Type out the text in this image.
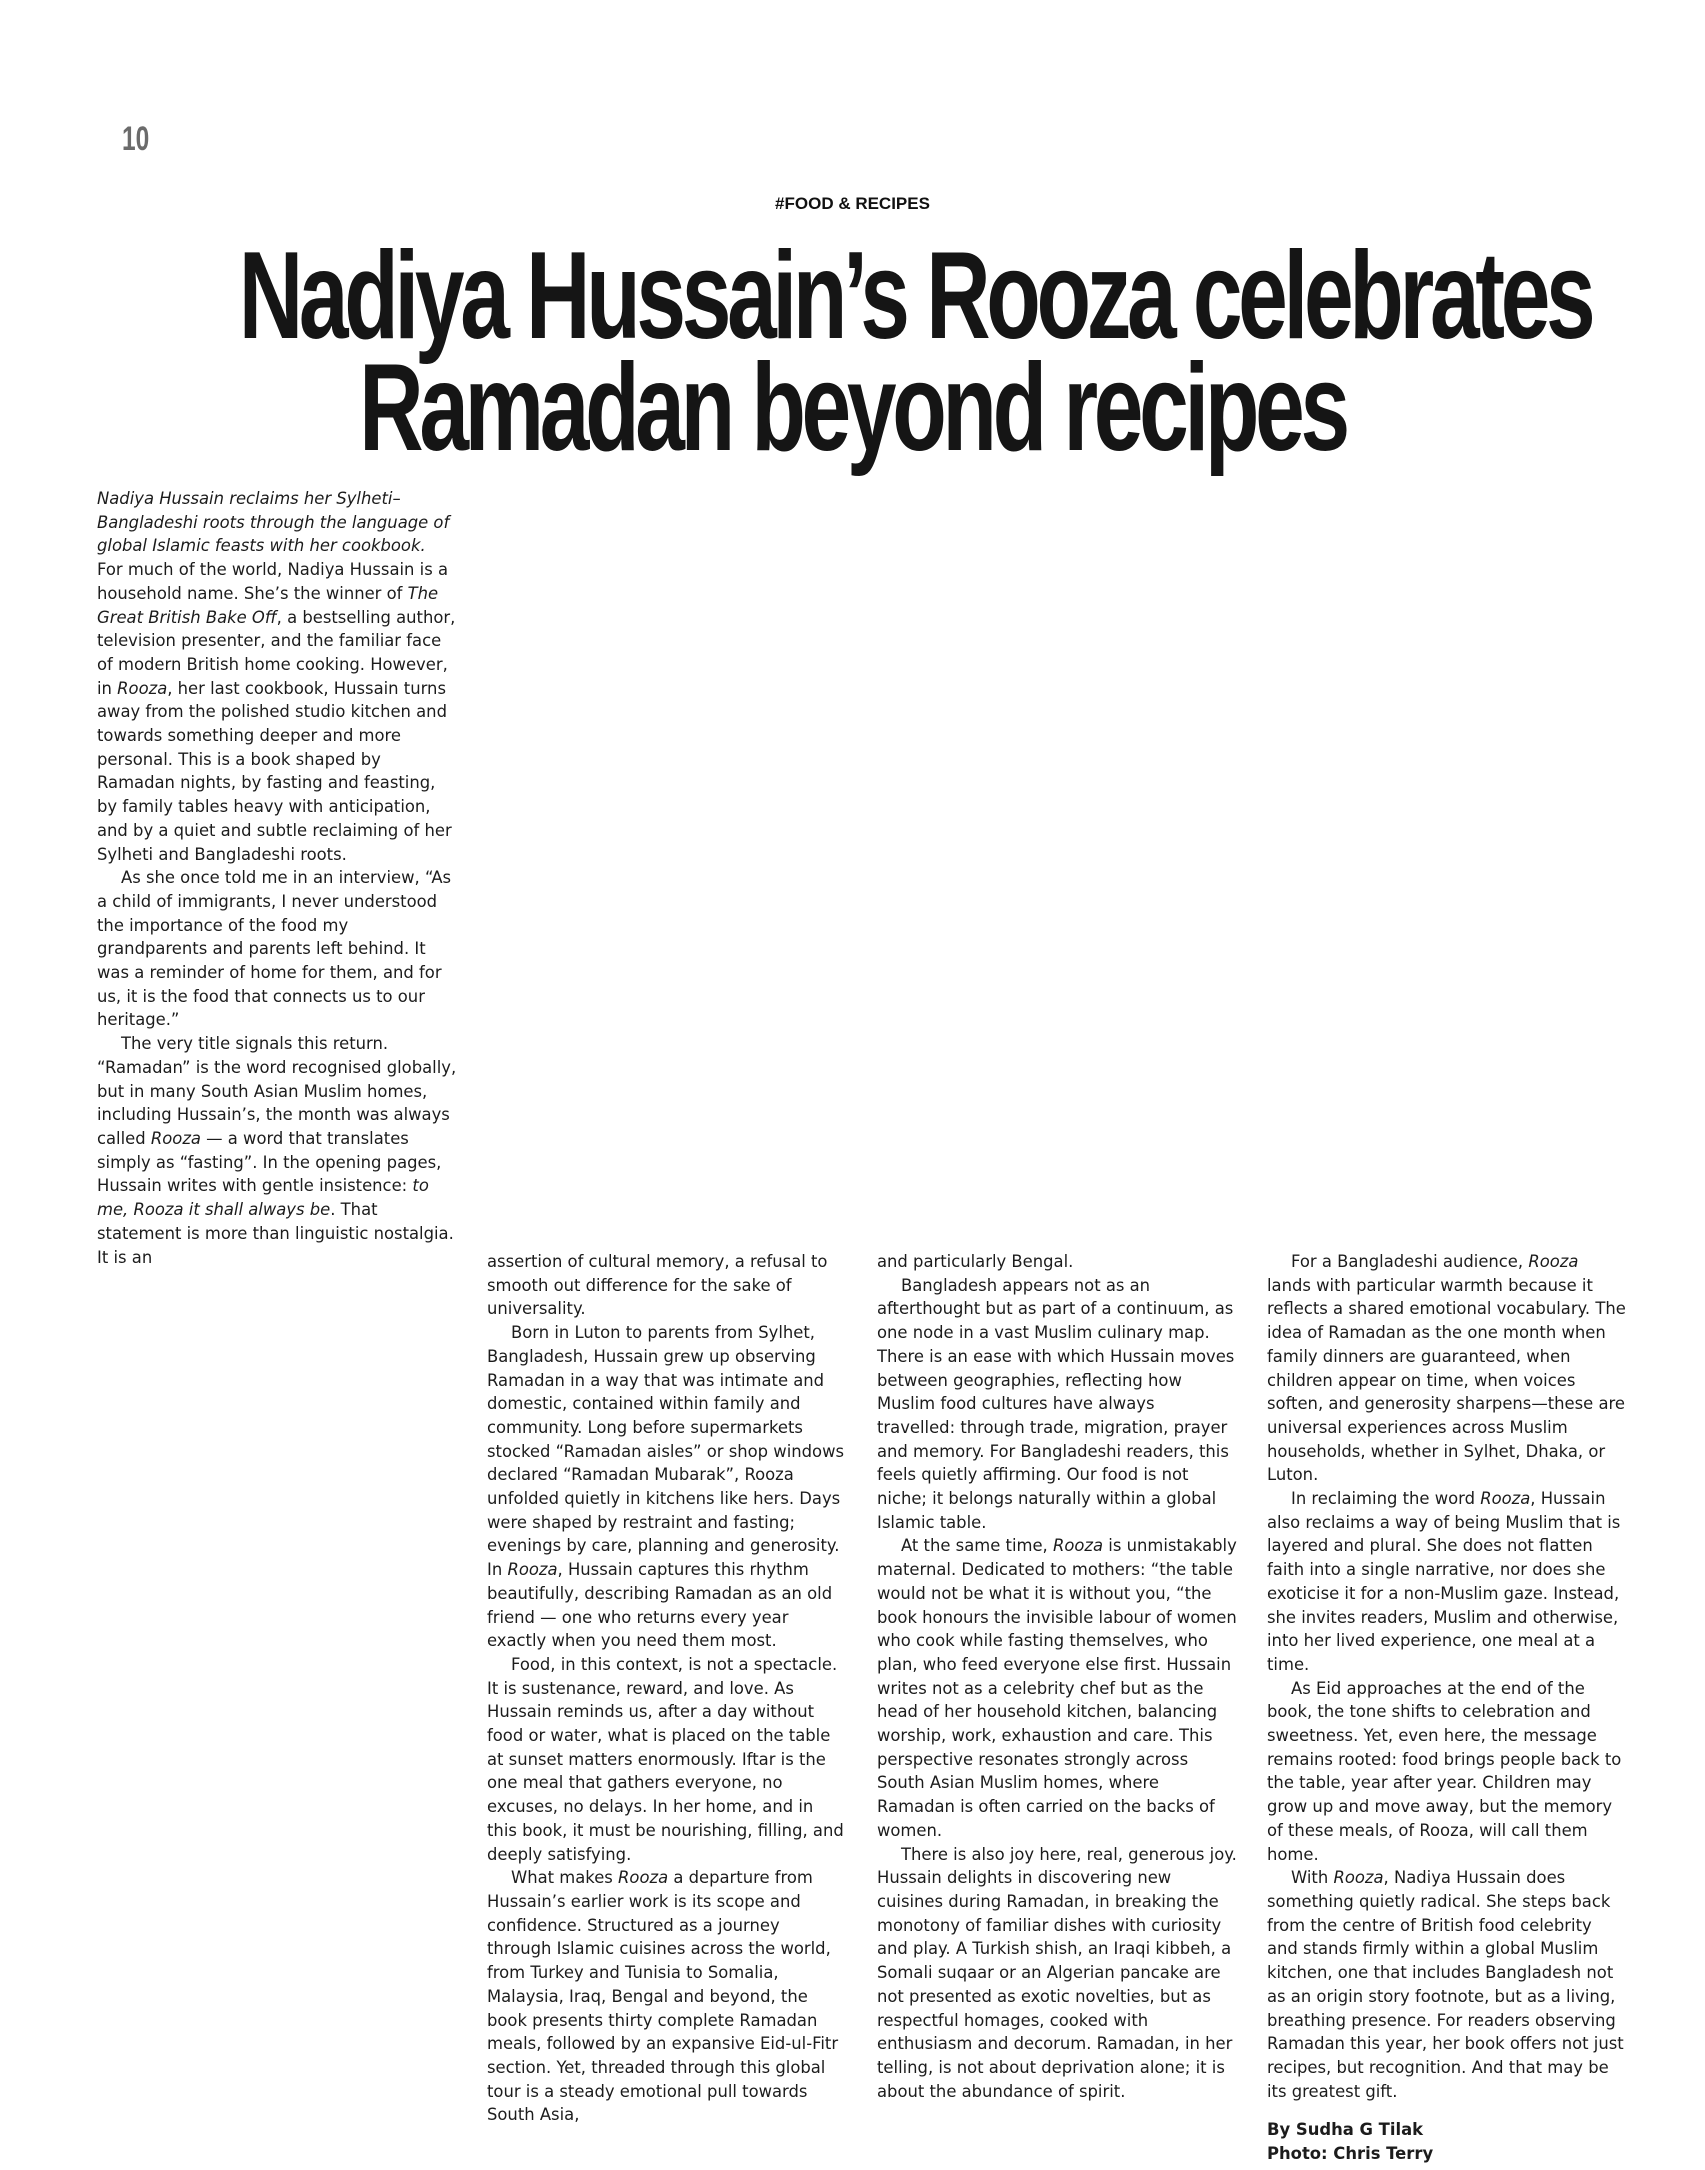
10
#FOOD & RECIPES
Nadiya Hussain’s Rooza celebrates
Ramadan beyond recipes

Nadiya Hussain reclaims her Sylheti–Bangladeshi roots through the language of global Islamic feasts with her cookbook.

For much of the world, Nadiya Hussain is a household name. She’s the winner of The Great British Bake Off, a bestselling author, television presenter, and the familiar face of modern British home cooking. However, in Rooza, her last cookbook, Hussain turns away from the polished studio kitchen and towards something deeper and more personal. This is a book shaped by Ramadan nights, by fasting and feasting, by family tables heavy with anticipation, and by a quiet and subtle reclaiming of her Sylheti and Bangladeshi roots.

As she once told me in an interview, “As a child of immigrants, I never understood the importance of the food my grandparents and parents left behind. It was a reminder of home for them, and for us, it is the food that connects us to our heritage.”

The very title signals this return. “Ramadan” is the word recognised globally, but in many South Asian Muslim homes, including Hussain’s, the month was always called Rooza — a word that translates simply as “fasting”. In the opening pages, Hussain writes with gentle insistence: to me, Rooza it shall always be. That statement is more than linguistic nostalgia. It is an	assertion of cultural memory, a refusal to smooth out difference for the sake of universality.

Born in Luton to parents from Sylhet, Bangladesh, Hussain grew up observing Ramadan in a way that was intimate and domestic, contained within family and community. Long before supermarkets stocked “Ramadan aisles” or shop windows declared “Ramadan Mubarak”, Rooza unfolded quietly in kitchens like hers. Days were shaped by restraint and fasting; evenings by care, planning and generosity. In Rooza, Hussain captures this rhythm beautifully, describing Ramadan as an old friend — one who returns every year exactly when you need them most.

Food, in this context, is not a spectacle. It is sustenance, reward, and love. As Hussain reminds us, after a day without food or water, what is placed on the table at sunset matters enormously. Iftar is the one meal that gathers everyone, no excuses, no delays. In her home, and in this book, it must be nourishing, filling, and deeply satisfying.

What makes Rooza a departure from Hussain’s earlier work is its scope and confidence. Structured as a journey through Islamic cuisines across the world, from Turkey and Tunisia to Somalia, Malaysia, Iraq, Bengal and beyond, the book presents thirty complete Ramadan meals, followed by an expansive Eid-ul-Fitr section. Yet, threaded through this global tour is a steady emotional pull towards South Asia,

and particularly Bengal.

Bangladesh appears not as an afterthought but as part of a continuum, as one node in a vast Muslim culinary map. There is an ease with which Hussain moves between geographies, reflecting how Muslim food cultures have always travelled: through trade, migration, prayer and memory. For Bangladeshi readers, this feels quietly affirming. Our food is not niche; it belongs naturally within a global Islamic table.

At the same time, Rooza is unmistakably maternal. Dedicated to mothers: “the table would not be what it is without you, “the book honours the invisible labour of women who cook while fasting themselves, who plan, who feed everyone else first. Hussain writes not as a celebrity chef but as the head of her household kitchen, balancing worship, work, exhaustion and care. This perspective resonates strongly across South Asian Muslim homes, where Ramadan is often carried on the backs of women.

There is also joy here, real, generous joy. Hussain delights in discovering new cuisines during Ramadan, in breaking the monotony of familiar dishes with curiosity and play. A Turkish shish, an Iraqi kibbeh, a Somali suqaar or an Algerian pancake are not presented as exotic novelties, but as respectful homages, cooked with enthusiasm and decorum. Ramadan, in her telling, is not about deprivation alone; it is about the abundance of spirit.

For a Bangladeshi audience, Rooza lands with particular warmth because it reflects a shared emotional vocabulary. The idea of Ramadan as the one month when family dinners are guaranteed, when children appear on time, when voices soften, and generosity sharpens—these are universal experiences across Muslim households, whether in Sylhet, Dhaka, or Luton.

In reclaiming the word Rooza, Hussain also reclaims a way of being Muslim that is layered and plural. She does not flatten faith into a single narrative, nor does she exoticise it for a non-Muslim gaze. Instead, she invites readers, Muslim and otherwise, into her lived experience, one meal at a time.

As Eid approaches at the end of the book, the tone shifts to celebration and sweetness. Yet, even here, the message remains rooted: food brings people back to the table, year after year. Children may grow up and move away, but the memory of these meals, of Rooza, will call them home.

With Rooza, Nadiya Hussain does something quietly radical. She steps back from the centre of British food celebrity and stands firmly within a global Muslim kitchen, one that includes Bangladesh not as an origin story footnote, but as a living, breathing presence. For readers observing Ramadan this year, her book offers not just recipes, but recognition. And that may be its greatest gift.

By Sudha G Tilak
Photo: Chris Terry
